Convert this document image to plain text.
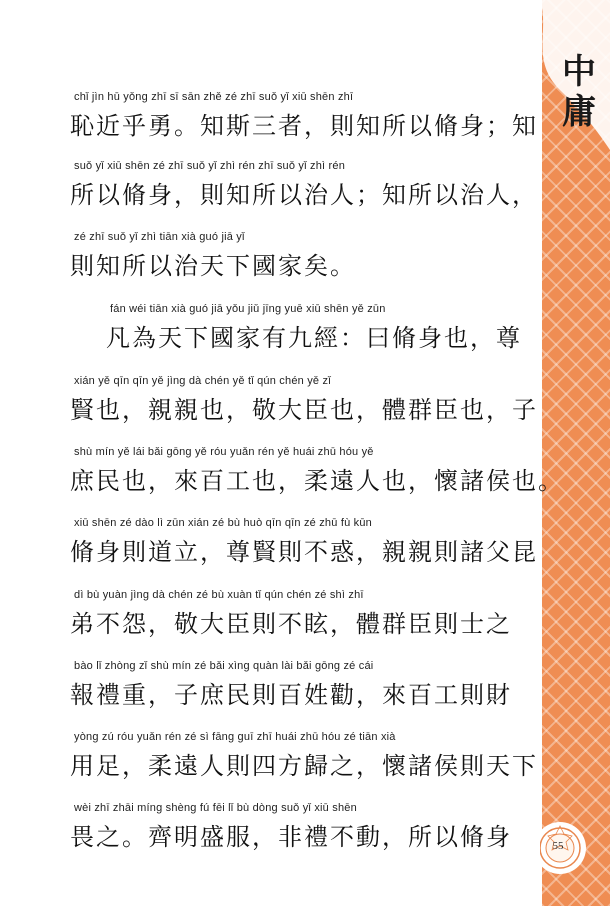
中
庸
55
chǐ jìn hū yǒng zhī sī sān zhě zé zhī suǒ yǐ xiū shēn zhī
恥近乎勇。知斯三者，則知所以脩身；知
suǒ yǐ xiū shēn zé zhī suǒ yǐ zhì rén zhī suǒ yǐ zhì rén
所以脩身，則知所以治人；知所以治人，
zé zhī suǒ yǐ zhì tiān xià guó jiā yǐ
則知所以治天下國家矣。
fán wéi tiān xià guó jiā yǒu jiǔ jīng yuē xiū shēn yě zūn
凡為天下國家有九經：曰脩身也，尊
xián yě qīn qīn yě jìng dà chén yě tǐ qún chén yě zǐ
賢也，親親也，敬大臣也，體群臣也，子
shù mín yě lái bǎi gōng yě róu yuǎn rén yě huái zhū hóu yě
庶民也，來百工也，柔遠人也，懷諸侯也。
xiū shēn zé dào lì zūn xián zé bù huò qīn qīn zé zhū fù kūn
脩身則道立，尊賢則不惑，親親則諸父昆
dì bù yuàn jìng dà chén zé bù xuàn tǐ qún chén zé shì zhī
弟不怨，敬大臣則不眩，體群臣則士之
bào lǐ zhòng zǐ shù mín zé bǎi xìng quàn lài bǎi gōng zé cái
報禮重，子庶民則百姓勸，來百工則財
yòng zú róu yuǎn rén zé sì fāng guī zhī huái zhū hóu zé tiān xià
用足，柔遠人則四方歸之，懷諸侯則天下
wèi zhī zhāi míng shèng fú fēi lǐ bù dòng suǒ yǐ xiū shēn
畏之。齊明盛服，非禮不動，所以脩身
